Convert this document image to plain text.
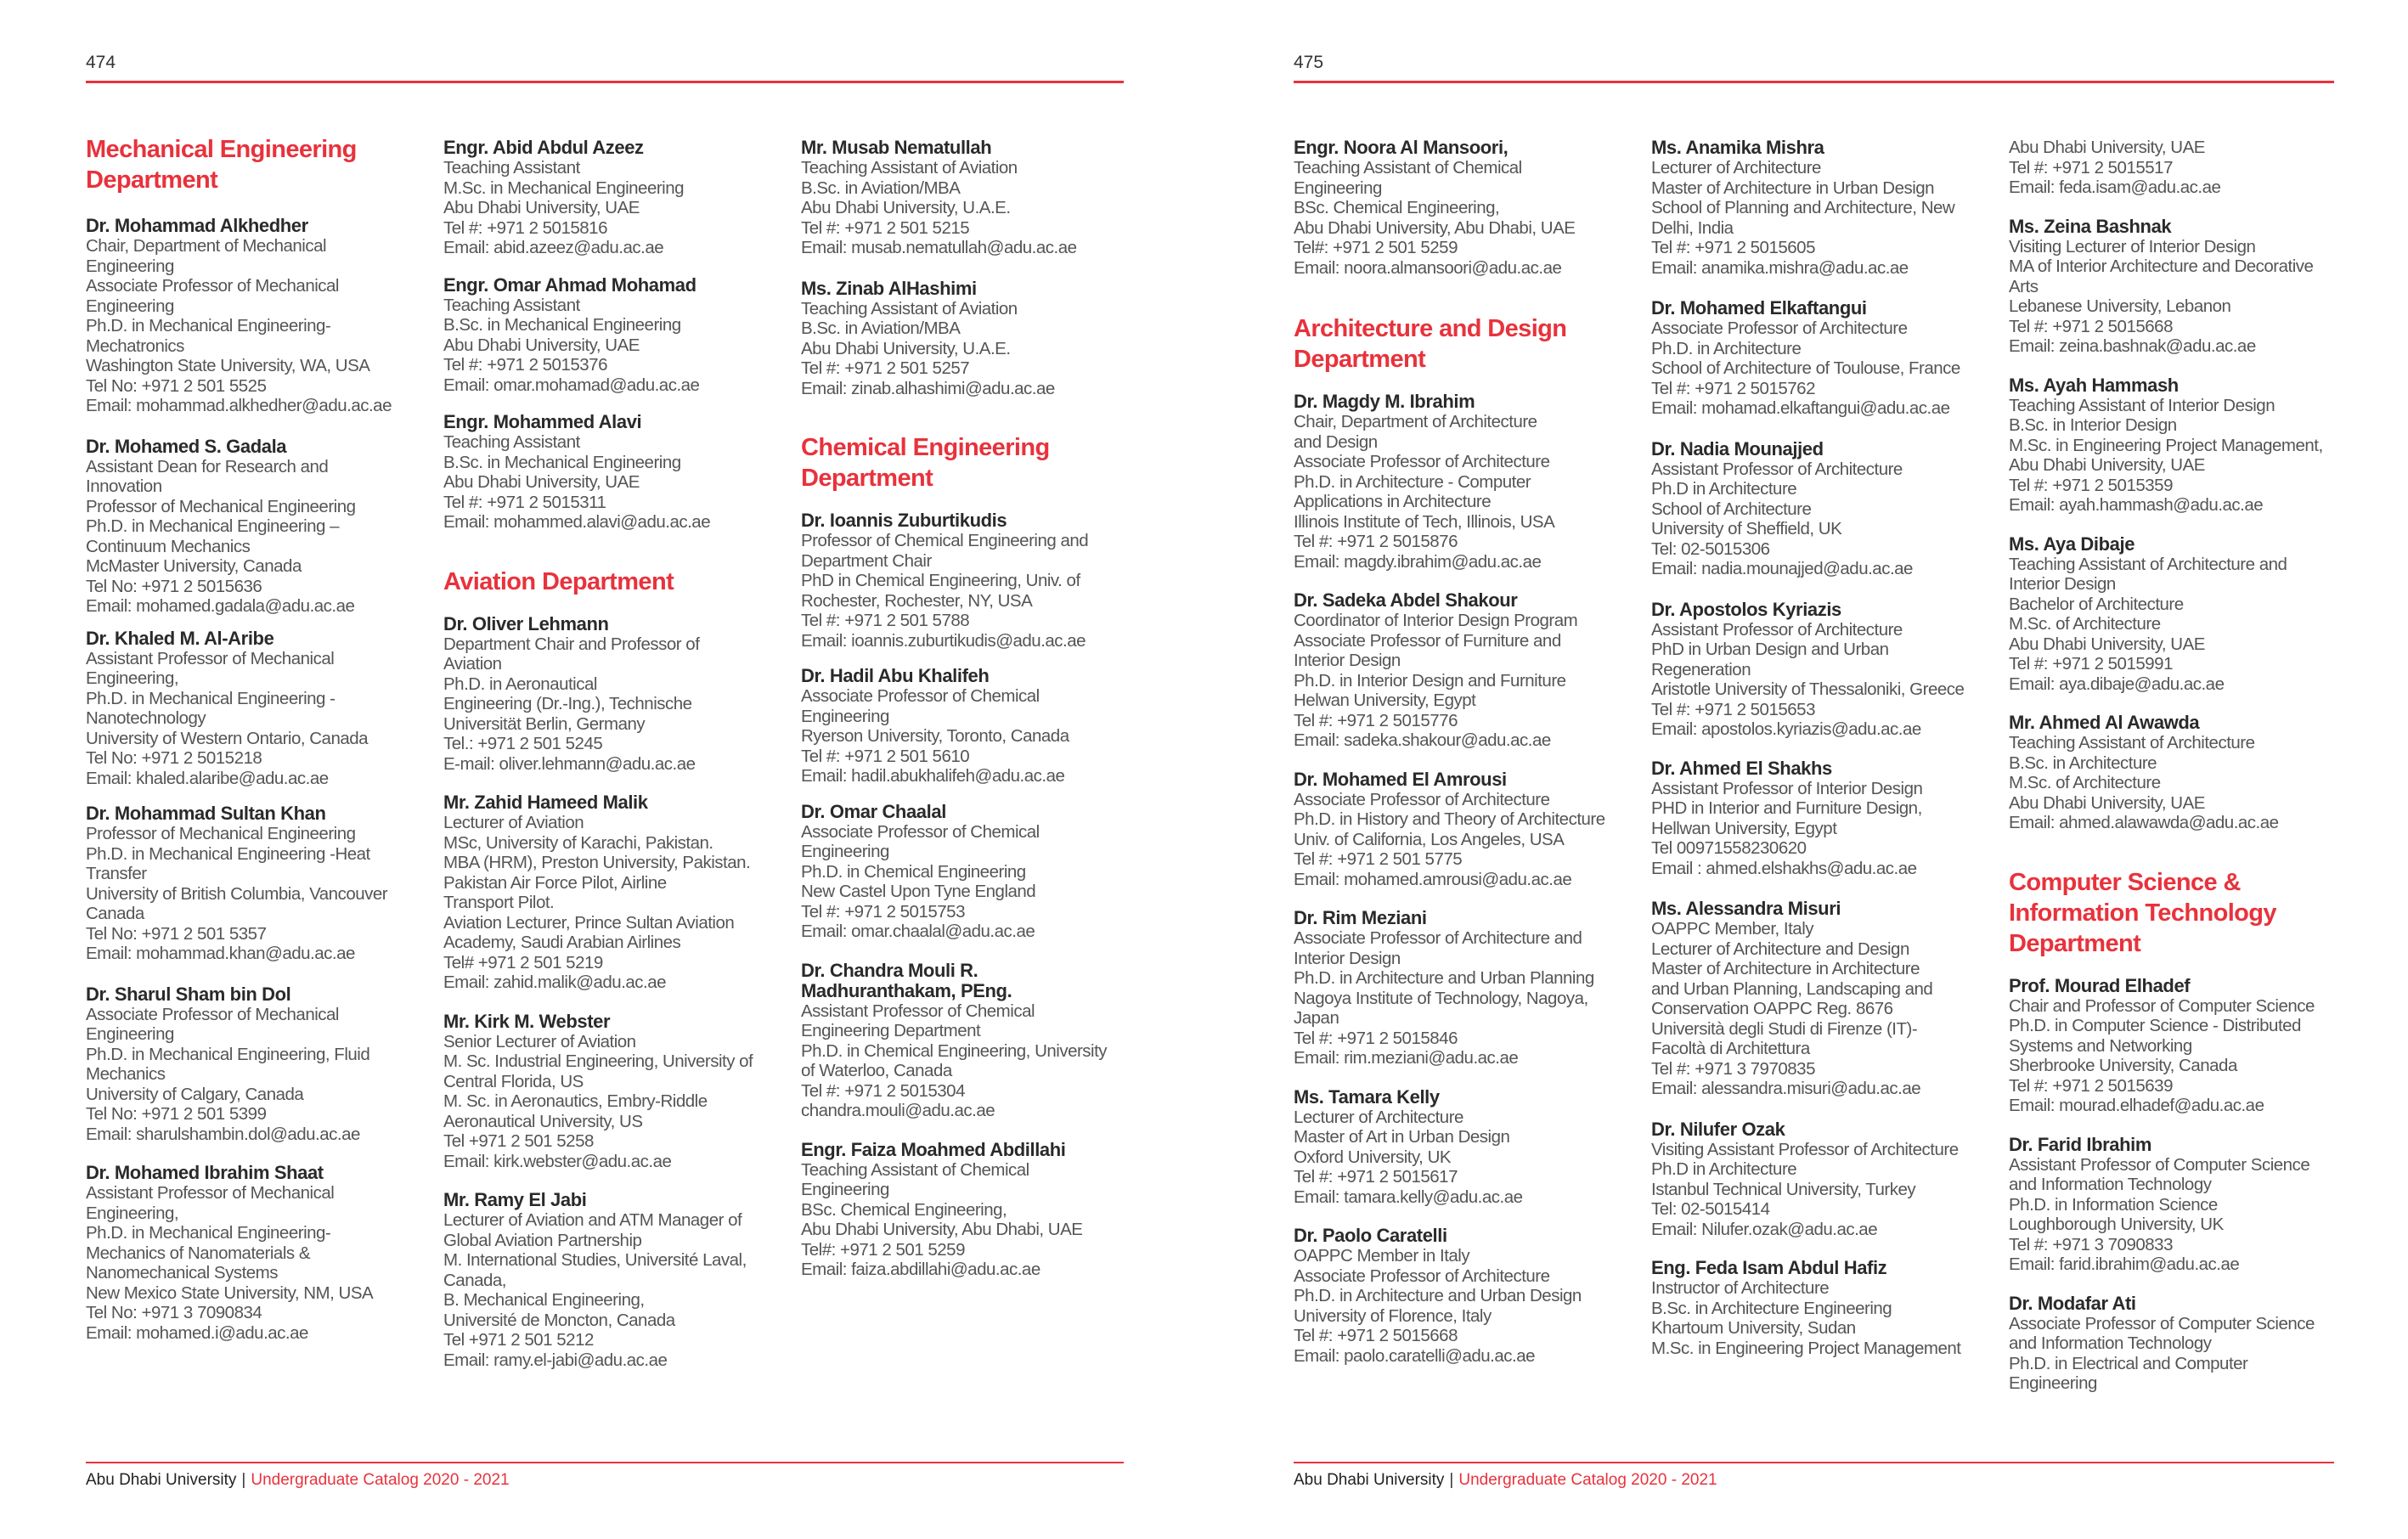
474
Mechanical Engineering Department
Dr. Mohammad Alkhedher
Chair, Department of Mechanical
Engineering
Associate Professor of Mechanical
Engineering
Ph.D. in Mechanical Engineering-
Mechatronics
Washington State University, WA, USA
Tel No: +971 2 501 5525
Email: mohammad.alkhedher@adu.ac.ae
Dr. Mohamed S. Gadala
Assistant Dean for Research and
Innovation
Professor of Mechanical Engineering
Ph.D. in Mechanical Engineering –
Continuum Mechanics
McMaster University, Canada
Tel No: +971 2 5015636
Email: mohamed.gadala@adu.ac.ae
Dr. Khaled M. Al-Aribe
Assistant Professor of Mechanical
Engineering,
Ph.D. in Mechanical Engineering -
Nanotechnology
University of Western Ontario, Canada
Tel No: +971 2 5015218
Email: khaled.alaribe@adu.ac.ae
Dr. Mohammad Sultan Khan
Professor of Mechanical Engineering
Ph.D. in Mechanical Engineering -Heat
Transfer
University of British Columbia, Vancouver
Canada
Tel No: +971 2 501 5357
Email: mohammad.khan@adu.ac.ae
Dr. Sharul Sham bin Dol
Associate Professor of Mechanical
Engineering
Ph.D. in Mechanical Engineering, Fluid
Mechanics
University of Calgary, Canada
Tel No: +971 2 501 5399
Email: sharulshambin.dol@adu.ac.ae
Dr. Mohamed Ibrahim Shaat
Assistant Professor of Mechanical
Engineering,
Ph.D. in Mechanical Engineering-
Mechanics of Nanomaterials &
Nanomechanical Systems
New Mexico State University, NM, USA
Tel No: +971 3 7090834
Email: mohamed.i@adu.ac.ae
Engr. Abid Abdul Azeez
Teaching Assistant
M.Sc. in Mechanical Engineering
Abu Dhabi University, UAE
Tel #: +971 2 5015816
Email: abid.azeez@adu.ac.ae
Engr. Omar Ahmad Mohamad
Teaching Assistant
B.Sc. in Mechanical Engineering
Abu Dhabi University, UAE
Tel #: +971 2 5015376
Email: omar.mohamad@adu.ac.ae
Engr. Mohammed Alavi
Teaching Assistant
B.Sc. in Mechanical Engineering
Abu Dhabi University, UAE
Tel #: +971 2 5015311
Email: mohammed.alavi@adu.ac.ae
Aviation Department
Dr. Oliver Lehmann
Department Chair and Professor of
Aviation
Ph.D. in Aeronautical
Engineering (Dr.-Ing.), Technische
Universität Berlin, Germany
Tel.: +971 2 501 5245
E-mail: oliver.lehmann@adu.ac.ae
Mr. Zahid Hameed Malik
Lecturer of Aviation
MSc, University of Karachi, Pakistan.
MBA (HRM), Preston University, Pakistan.
Pakistan Air Force Pilot, Airline
Transport Pilot.
Aviation Lecturer, Prince Sultan Aviation
Academy, Saudi Arabian Airlines
Tel# +971 2 501 5219
Email: zahid.malik@adu.ac.ae
Mr. Kirk M. Webster
Senior Lecturer of Aviation
M. Sc. Industrial Engineering, University of
Central Florida, US
M. Sc. in Aeronautics, Embry-Riddle
Aeronautical University, US
Tel +971 2 501 5258
Email: kirk.webster@adu.ac.ae
Mr. Ramy El Jabi
Lecturer of Aviation and ATM Manager of
Global Aviation Partnership
M. International Studies, Université Laval,
Canada,
B. Mechanical Engineering,
Université de Moncton, Canada
Tel +971 2 501 5212
Email: ramy.el-jabi@adu.ac.ae
Mr. Musab Nematullah
Teaching Assistant of Aviation
B.Sc. in Aviation/MBA
Abu Dhabi University, U.A.E.
Tel #: +971 2 501 5215
Email: musab.nematullah@adu.ac.ae
Ms. Zinab AlHashimi
Teaching Assistant of Aviation
B.Sc. in Aviation/MBA
Abu Dhabi University, U.A.E.
Tel #: +971 2 501 5257
Email: zinab.alhashimi@adu.ac.ae
Chemical Engineering Department
Dr. Ioannis Zuburtikudis
Professor of Chemical Engineering and
Department Chair
PhD in Chemical Engineering, Univ. of
Rochester, Rochester, NY, USA
Tel #: +971 2 501 5788
Email: ioannis.zuburtikudis@adu.ac.ae
Dr. Hadil Abu Khalifeh
Associate Professor of Chemical
Engineering
Ryerson University, Toronto, Canada
Tel #: +971 2 501 5610
Email: hadil.abukhalifeh@adu.ac.ae
Dr. Omar Chaalal
Associate Professor of Chemical
Engineering
Ph.D. in Chemical Engineering
New Castel Upon Tyne England
Tel #: +971 2 5015753
Email: omar.chaalal@adu.ac.ae
Dr. Chandra Mouli R.
Madhuranthakam, PEng.
Assistant Professor of Chemical
Engineering Department
Ph.D. in Chemical Engineering, University
of Waterloo, Canada
Tel #: +971 2 5015304
chandra.mouli@adu.ac.ae
Engr. Faiza Moahmed Abdillahi
Teaching Assistant of Chemical
Engineering
BSc. Chemical Engineering,
Abu Dhabi University, Abu Dhabi, UAE
Tel#: +971 2 501 5259
Email: faiza.abdillahi@adu.ac.ae
Abu Dhabi University | Undergraduate Catalog 2020 - 2021
475
Engr. Noora Al Mansoori,
Teaching Assistant of Chemical
Engineering
BSc. Chemical Engineering,
Abu Dhabi University, Abu Dhabi, UAE
Tel#: +971 2 501 5259
Email: noora.almansoori@adu.ac.ae
Architecture and Design Department
Dr. Magdy M. Ibrahim
Chair, Department of Architecture
and Design
Associate Professor of Architecture
Ph.D. in Architecture - Computer
Applications in Architecture
Illinois Institute of Tech, Illinois, USA
Tel #: +971 2 5015876
Email: magdy.ibrahim@adu.ac.ae
Dr. Sadeka Abdel Shakour
Coordinator of Interior Design Program
Associate Professor of Furniture and
Interior Design
Ph.D. in Interior Design and Furniture
Helwan University, Egypt
Tel #: +971 2 5015776
Email: sadeka.shakour@adu.ac.ae
Dr. Mohamed El Amrousi
Associate Professor of Architecture
Ph.D. in History and Theory of Architecture
Univ. of California, Los Angeles, USA
Tel #: +971 2 501 5775
Email: mohamed.amrousi@adu.ac.ae
Dr. Rim Meziani
Associate Professor of Architecture and
Interior Design
Ph.D. in Architecture and Urban Planning
Nagoya Institute of Technology, Nagoya,
Japan
Tel #: +971 2 5015846
Email: rim.meziani@adu.ac.ae
Ms. Tamara Kelly
Lecturer of Architecture
Master of Art in Urban Design
Oxford University, UK
Tel #: +971 2 5015617
Email: tamara.kelly@adu.ac.ae
Dr. Paolo Caratelli
OAPPC Member in Italy
Associate Professor of Architecture
Ph.D. in Architecture and Urban Design
University of Florence, Italy
Tel #: +971 2 5015668
Email: paolo.caratelli@adu.ac.ae
Ms. Anamika Mishra
Lecturer of Architecture
Master of Architecture in Urban Design
School of Planning and Architecture, New
Delhi, India
Tel #: +971 2 5015605
Email: anamika.mishra@adu.ac.ae
Dr. Mohamed Elkaftangui
Associate Professor of Architecture
Ph.D. in Architecture
School of Architecture of Toulouse, France
Tel #: +971 2 5015762
Email: mohamad.elkaftangui@adu.ac.ae
Dr. Nadia Mounajjed
Assistant Professor of Architecture
Ph.D in Architecture
School of Architecture
University of Sheffield, UK
Tel: 02-5015306
Email: nadia.mounajjed@adu.ac.ae
Dr. Apostolos Kyriazis
Assistant Professor of Architecture
PhD in Urban Design and Urban
Regeneration
Aristotle University of Thessaloniki, Greece
Tel #: +971 2 5015653
Email: apostolos.kyriazis@adu.ac.ae
Dr. Ahmed El Shakhs
Assistant Professor of Interior Design
PHD in Interior and Furniture Design,
Hellwan University, Egypt
Tel 00971558230620
Email : ahmed.elshakhs@adu.ac.ae
Ms. Alessandra Misuri
OAPPC Member, Italy
Lecturer of Architecture and Design
Master of Architecture in Architecture
and Urban Planning, Landscaping and
Conservation OAPPC Reg. 8676
Università degli Studi di Firenze (IT)-
Facoltà di Architettura
Tel #: +971 3 7970835
Email: alessandra.misuri@adu.ac.ae
Dr. Nilufer Ozak
Visiting Assistant Professor of Architecture
Ph.D in Architecture
Istanbul Technical University, Turkey
Tel: 02-5015414
Email: Nilufer.ozak@adu.ac.ae
Eng. Feda Isam Abdul Hafiz
Instructor of Architecture
B.Sc. in Architecture Engineering
Khartoum University, Sudan
M.Sc. in Engineering Project Management
Abu Dhabi University, UAE
Tel #: +971 2 5015517
Email: feda.isam@adu.ac.ae
Ms. Zeina Bashnak
Visiting Lecturer of Interior Design
MA of Interior Architecture and Decorative
Arts
Lebanese University, Lebanon
Tel #: +971 2 5015668
Email: zeina.bashnak@adu.ac.ae
Ms. Ayah Hammash
Teaching Assistant of Interior Design
B.Sc. in Interior Design
M.Sc. in Engineering Project Management,
Abu Dhabi University, UAE
Tel #: +971 2 5015359
Email: ayah.hammash@adu.ac.ae
Ms. Aya Dibaje
Teaching Assistant of Architecture and
Interior Design
Bachelor of Architecture
M.Sc. of Architecture
Abu Dhabi University, UAE
Tel #: +971 2 5015991
Email: aya.dibaje@adu.ac.ae
Mr. Ahmed Al Awawda
Teaching Assistant of Architecture
B.Sc. in Architecture
M.Sc. of Architecture
Abu Dhabi University, UAE
Email: ahmed.alawawda@adu.ac.ae
Computer Science & Information Technology Department
Prof. Mourad Elhadef
Chair and Professor of Computer Science
Ph.D. in Computer Science - Distributed
Systems and Networking
Sherbrooke University, Canada
Tel #: +971 2 5015639
Email: mourad.elhadef@adu.ac.ae
Dr. Farid Ibrahim
Assistant Professor of Computer Science
and Information Technology
Ph.D. in Information Science
Loughborough University, UK
Tel #: +971 3 7090833
Email: farid.ibrahim@adu.ac.ae
Dr. Modafar Ati
Associate Professor of Computer Science
and Information Technology
Ph.D. in Electrical and Computer
Engineering
Abu Dhabi University | Undergraduate Catalog 2020 - 2021
